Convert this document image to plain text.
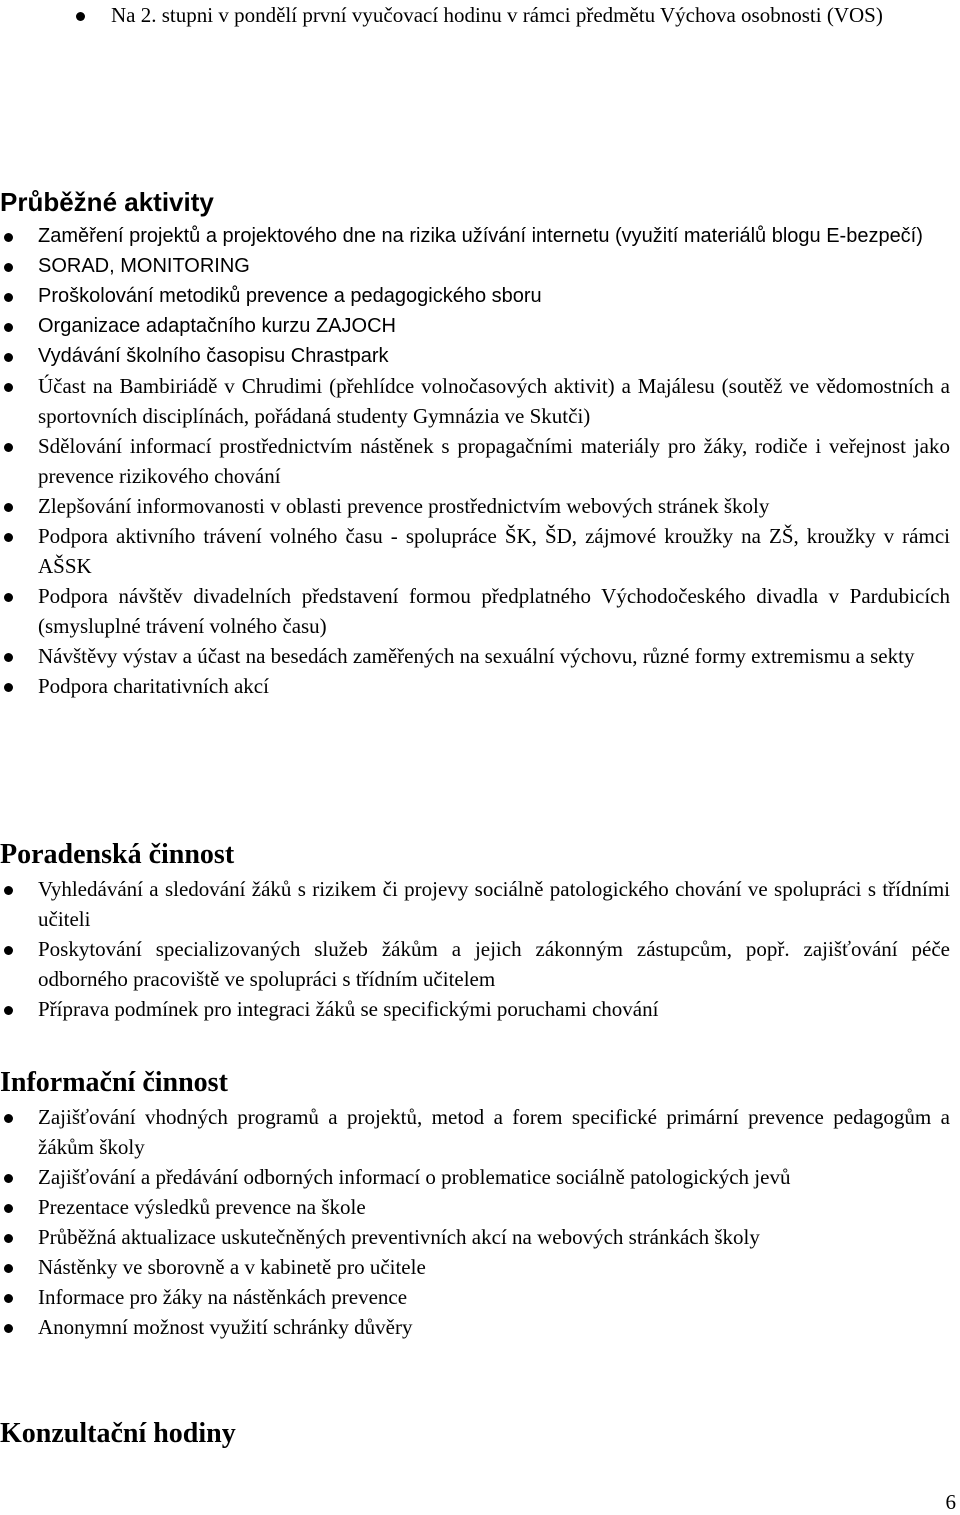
Na 2. stupni v pondělí první vyučovací hodinu v rámci předmětu Výchova osobnosti (VOS)
Průběžné aktivity
Zaměření projektů a projektového dne na rizika užívání internetu (využití materiálů blogu E-bezpečí)
SORAD, MONITORING
Proškolování metodiků prevence a pedagogického sboru
Organizace adaptačního kurzu ZAJOCH
Vydávání školního časopisu Chrastpark
Účast na Bambiriádě v Chrudimi (přehlídce volnočasových aktivit) a Majálesu (soutěž ve vědomostních a sportovních disciplínách, pořádaná studenty Gymnázia ve Skutči)
Sdělování informací prostřednictvím nástěnek s propagačními materiály pro žáky, rodiče i veřejnost jako prevence rizikového chování
Zlepšování informovanosti v oblasti prevence prostřednictvím webových stránek školy
Podpora aktivního trávení volného času - spolupráce ŠK, ŠD, zájmové kroužky na ZŠ, kroužky v rámci AŠSK
Podpora návštěv divadelních představení formou předplatného Východočeského divadla v Pardubicích (smysluplné trávení volného času)
Návštěvy výstav a účast na besedách zaměřených na sexuální výchovu, různé formy extremismu a sekty
Podpora charitativních akcí
Poradenská činnost
Vyhledávání a sledování žáků s rizikem či projevy sociálně patologického chování ve spolupráci s třídními učiteli
Poskytování specializovaných služeb žákům a jejich zákonným zástupcům, popř. zajišťování péče odborného pracoviště ve spolupráci s třídním učitelem
Příprava podmínek pro integraci žáků se specifickými poruchami chování
Informační činnost
Zajišťování vhodných programů a projektů, metod a forem specifické primární prevence pedagogům a žákům školy
Zajišťování a předávání odborných informací o problematice sociálně patologických jevů
Prezentace výsledků prevence na škole
Průběžná aktualizace uskutečněných preventivních akcí na webových stránkách školy
Nástěnky ve sborovně a v kabinetě pro učitele
Informace pro žáky na nástěnkách prevence
Anonymní možnost využití schránky důvěry
Konzultační hodiny
6
